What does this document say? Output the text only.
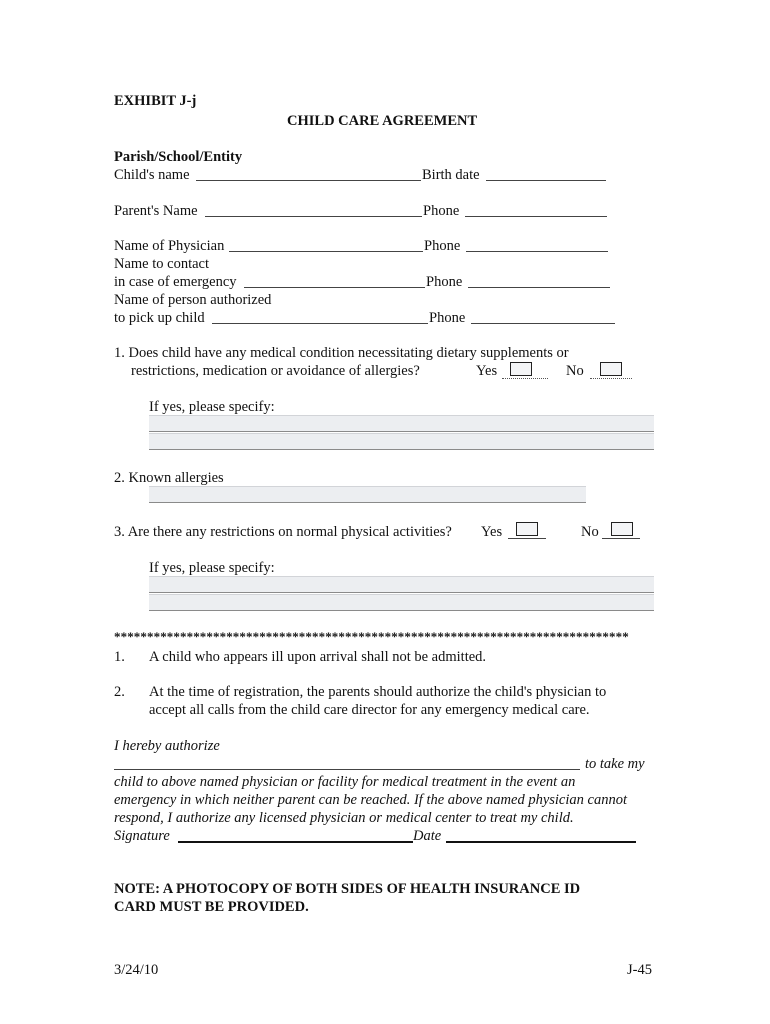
EXHIBIT J-j
CHILD CARE AGREEMENT
Parish/School/Entity
Child's name	Birth date
Parent's Name	Phone
Name of Physician	Phone
Name to contact
in case of emergency	Phone
Name of person authorized
to pick up child	Phone
1. Does child have any medical condition necessitating dietary supplements or
restrictions, medication or avoidance of allergies?	Yes	No
If yes, please specify:
2. Known allergies
3. Are there any restrictions on normal physical activities? Yes	No
If yes, please specify:
******************************************************************************
1. A child who appears ill upon arrival shall not be admitted.
2. At the time of registration, the parents should authorize the child's physician to
accept all calls from the child care director for any emergency medical care.
I hereby authorize
to take my
child to above named physician or facility for medical treatment in the event an
emergency in which neither parent can be reached. If the above named physician cannot
respond, I authorize any licensed physician or medical center to treat my child.
Signature	Date
NOTE: A PHOTOCOPY OF BOTH SIDES OF HEALTH INSURANCE ID
CARD MUST BE PROVIDED.
3/24/10	J-45
